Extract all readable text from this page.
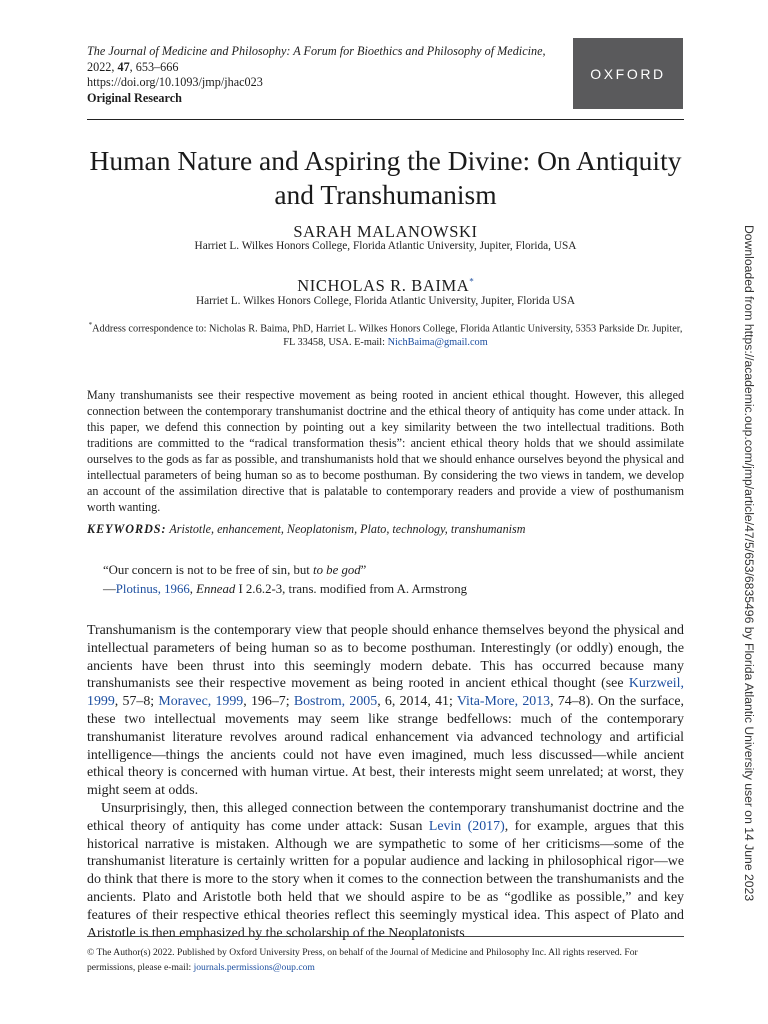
The Journal of Medicine and Philosophy: A Forum for Bioethics and Philosophy of Medicine,
2022, 47, 653–666
https://doi.org/10.1093/jmp/jhac023
Original Research
OXFORD
Human Nature and Aspiring the Divine: On Antiquity and Transhumanism
SARAH MALANOWSKI
Harriet L. Wilkes Honors College, Florida Atlantic University, Jupiter, Florida, USA
NICHOLAS R. BAIMA*
Harriet L. Wilkes Honors College, Florida Atlantic University, Jupiter, Florida USA
*Address correspondence to: Nicholas R. Baima, PhD, Harriet L. Wilkes Honors College, Florida Atlantic University, 5353 Parkside Dr. Jupiter, FL 33458, USA. E-mail: NichBaima@gmail.com
Many transhumanists see their respective movement as being rooted in ancient ethical thought. However, this alleged connection between the contemporary transhumanist doctrine and the ethical theory of antiquity has come under attack. In this paper, we defend this connection by pointing out a key similarity between the two intellectual traditions. Both traditions are committed to the “radical transformation thesis”: ancient ethical theory holds that we should assimilate ourselves to the gods as far as possible, and transhumanists hold that we should enhance ourselves beyond the physical and intellectual parameters of being human so as to become posthuman. By considering the two views in tandem, we develop an account of the assimilation directive that is palatable to contemporary readers and provide a view of posthumanism worth wanting.
KEYWORDS: Aristotle, enhancement, Neoplatonism, Plato, technology, transhumanism
“Our concern is not to be free of sin, but to be god”
—Plotinus, 1966, Ennead I 2.6.2-3, trans. modified from A. Armstrong

Transhumanism is the contemporary view that people should enhance themselves beyond the physical and intellectual parameters of being human so as to become posthuman. Interestingly (or oddly) enough, the ancients have been thrust into this seemingly modern debate. This has occurred because many transhumanists see their respective movement as being rooted in ancient ethical thought (see Kurzweil, 1999, 57–8; Moravec, 1999, 196–7; Bostrom, 2005, 6, 2014, 41; Vita-More, 2013, 74–8). On the surface, these two intellectual movements may seem like strange bedfellows: much of the contemporary transhumanist literature revolves around radical enhancement via advanced technology and artificial intelligence—things the ancients could not have even imagined, much less discussed—while ancient ethical theory is concerned with human virtue. At best, their interests might seem unrelated; at worst, they might seem at odds.

Unsurprisingly, then, this alleged connection between the contemporary transhumanist doctrine and the ethical theory of antiquity has come under attack: Susan Levin (2017), for example, argues that this historical narrative is mistaken. Although we are sympathetic to some of her criticisms—some of the transhumanist literature is certainly written for a popular audience and lacking in philosophical rigor—we do think that there is more to the story when it comes to the connection between the transhumanists and the ancients. Plato and Aristotle both held that we should aspire to be as “godlike as possible,” and key features of their respective ethical theories reflect this seemingly mystical idea. This aspect of Plato and Aristotle is then emphasized by the scholarship of the Neoplatonists

© The Author(s) 2022. Published by Oxford University Press, on behalf of the Journal of Medicine and Philosophy Inc. All rights reserved. For permissions, please e-mail: journals.permissions@oup.com
Downloaded from https://academic.oup.com/jmp/article/47/5/653/6835496 by Florida Atlantic University user on 14 June 2023
